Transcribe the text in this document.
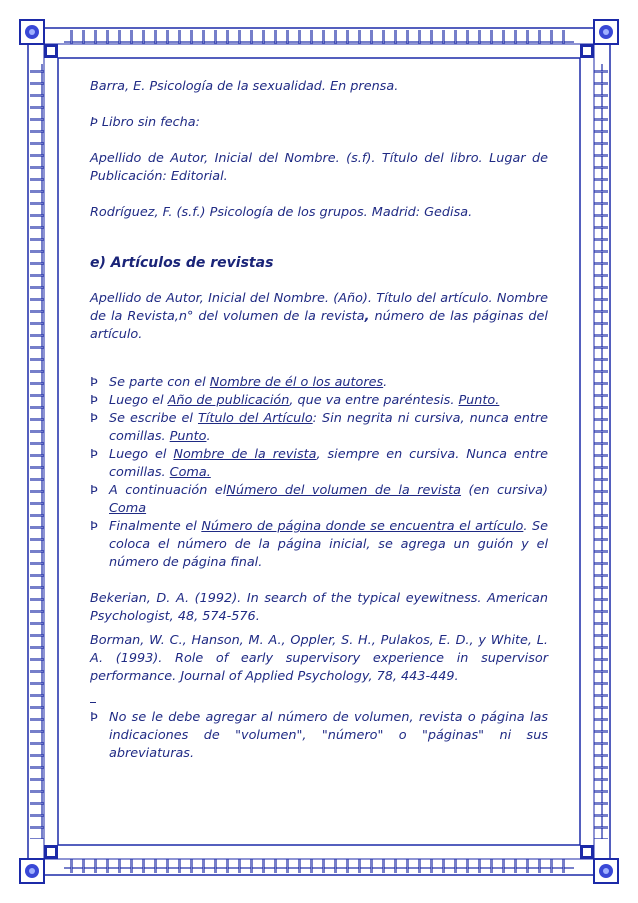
Barra, E. Psicología de la sexualidad. En prensa.

Þ Libro sin fecha:

Apellido de Autor, Inicial del Nombre. (s.f). Título del libro. Lugar de Publicación: Editorial.

Rodríguez, F. (s.f.) Psicología de los grupos. Madrid: Gedisa.

e) Artículos de revistas

Apellido de Autor, Inicial del Nombre. (Año). Título del artículo. Nombre de la Revista,n° del volumen de la revista, número de las páginas del artículo.

Þ Se parte con el Nombre de él o los autores.

Þ Luego el Año de publicación, que va entre paréntesis. Punto.

Þ Se escribe el Título del Artículo: Sin negrita ni cursiva, nunca entre comillas. Punto.

Þ Luego el Nombre de la revista, siempre en cursiva. Nunca entre comillas. Coma.

Þ A continuación elNúmero del volumen de la revista (en cursiva) Coma

Þ Finalmente el Número de página donde se encuentra el artículo. Se coloca el número de la página inicial, se agrega un guión y el número de página final.

Bekerian, D. A. (1992). In search of the typical eyewitness. American Psychologist, 48, 574-576.

Borman, W. C., Hanson, M. A., Oppler, S. H., Pulakos, E. D., y White, L. A. (1993). Role of early supervisory experience in supervisor performance. Journal of Applied Psychology, 78, 443-449.

Þ No se le debe agregar al número de volumen, revista o página las indicaciones de "volumen", "número" o "páginas" ni sus abreviaturas.
